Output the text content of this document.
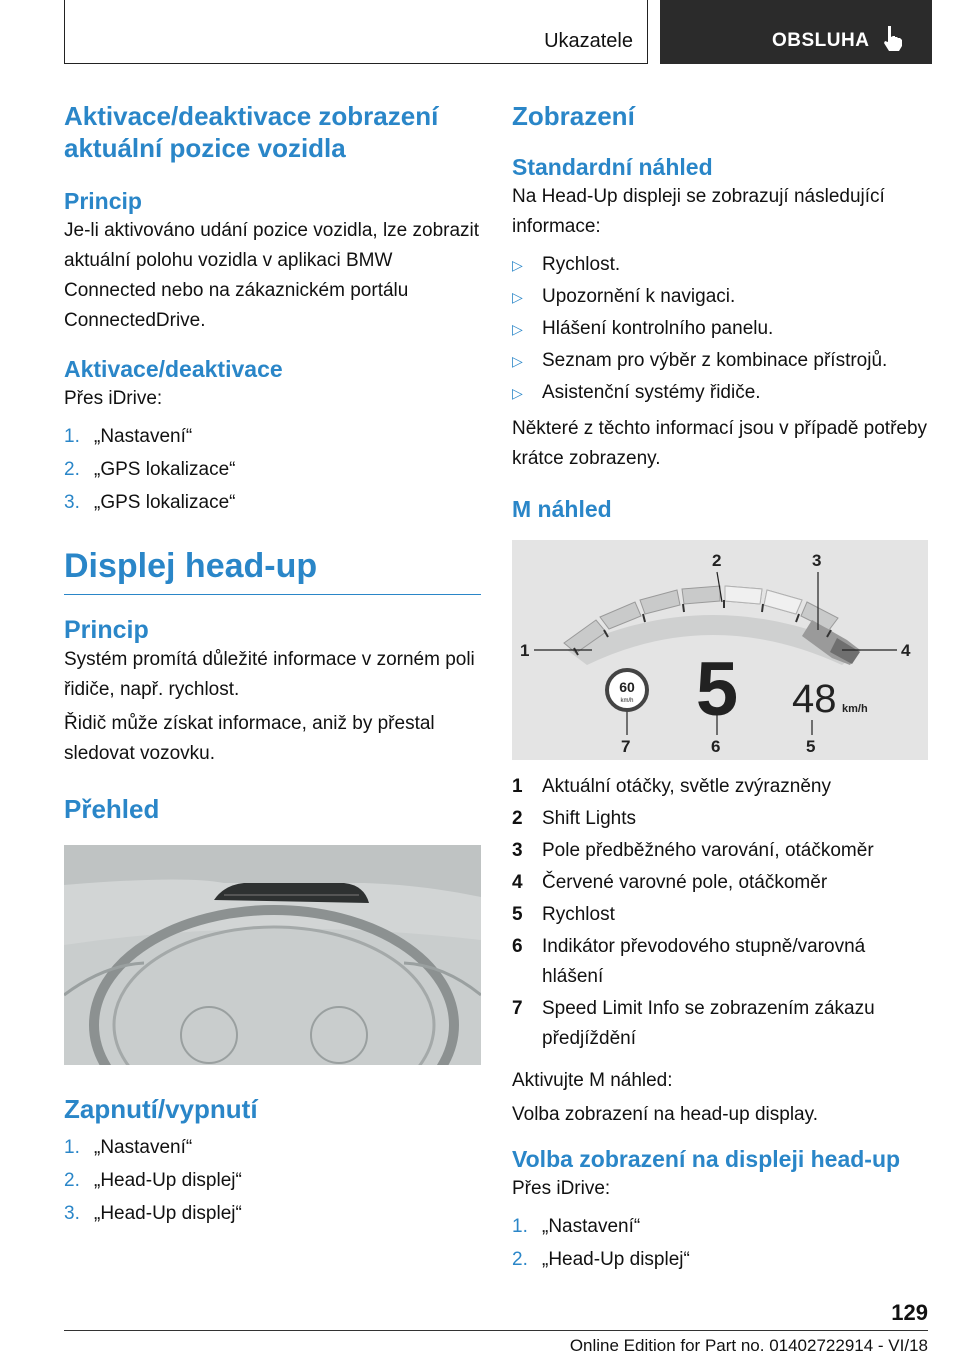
Ukazatele	OBSLUHA
Aktivace/deaktivace zobrazení aktuální pozice vozidla
Princip

Je-li aktivováno udání pozice vozidla, lze zobrazit aktuální polohu vozidla v aplikaci BMW Connected nebo na zákaznickém portálu ConnectedDrive.

Aktivace/deaktivace

Přes iDrive:

1. „Nastavení“
2. „GPS lokalizace“
3. „GPS lokalizace“
Displej head-up
Princip

Systém promítá důležité informace v zorném poli řidiče, např. rychlost.

Řidič může získat informace, aniž by přestal sledovat vozovku.

Přehled
Zapnutí/vypnutí
1. „Nastavení“
2. „Head-Up displej“
3. „Head-Up displej“
Zobrazení
Standardní náhled

Na Head-Up displeji se zobrazují následující informace:

▷ Rychlost.
▷ Upozornění k navigaci.
▷ Hlášení kontrolního panelu.
▷ Seznam pro výběr z kombinace přístrojů.
▷ Asistenční systémy řidiče.

Některé z těchto informací jsou v případě potřeby krátce zobrazeny.

M náhled
1
2	3
4
5
6
7
60
km/h 5 48 km/h
1 Aktuální otáčky, světle zvýrazněny
2 Shift Lights
3 Pole předběžného varování, otáčkoměr
4 Červené varovné pole, otáčkoměr
5 Rychlost
6 Indikátor převodového stupně/varovná hlášení
7 Speed Limit Info se zobrazením zákazu předjíždění

Aktivujte M náhled:

Volba zobrazení na head-up display.

Volba zobrazení na displeji head-up

Přes iDrive:

1. „Nastavení“
2. „Head-Up displej“
129
Online Edition for Part no. 01402722914 - VI/18
